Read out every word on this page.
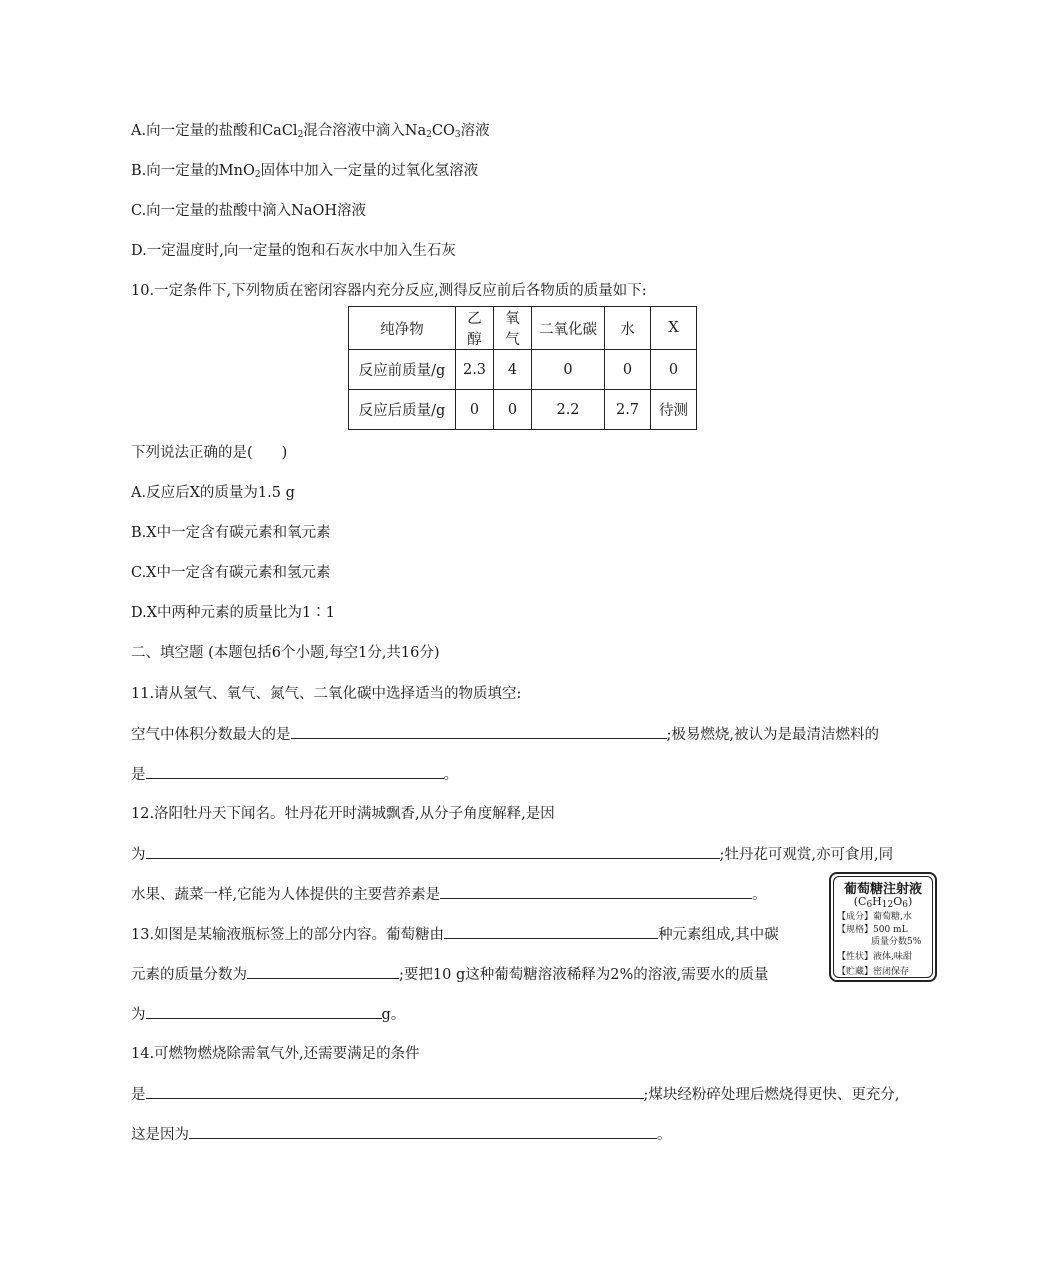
A.向一定量的盐酸和CaCl$_2$混合溶液中滴入$Na_2CO_3$溶液
B.向一定量的MnO$_2$固体中加入一定量的过氧化氢溶液
C.向一定量的盐酸中滴入NaOH溶液
D.一定温度时,向一定量的饱和石灰水中加入生石灰
10.一定条件下,下列物质在密闭容器内充分反应,测得反应前后各物质的质量如下:
纯净物	乙醇	氧气	二氧化碳	水	X
反应前质量/g	2.3	4	0	0	0
反应后质量/g	0	0	2.2	2.7	待测
下列说法正确的是(　　)
A.反应后X的质量为1.5 g
B.X中一定含有碳元素和氧元素
C.X中一定含有碳元素和氢元素
D.X中两种元素的质量比为1∶1
二、填空题 (本题包括6个小题,每空1分,共16分)
11.请从氢气、氧气、氮气、二氧化碳中选择适当的物质填空:
空气中体积分数最大的是	;极易燃烧,被认为是最清洁燃料的
是	。
12.洛阳牡丹天下闻名。牡丹花开时满城飘香,从分子角度解释,是因
为	;牡丹花可观赏,亦可食用,同
水果、蔬菜一样,它能为人体提供的主要营养素是	。
13.如图是某输液瓶标签上的部分内容。葡萄糖由	种元素组成,其中碳
元素的质量分数为	;要把10 g这种葡萄糖溶液稀释为2%的溶液,需要水的质量
为	g。
葡萄糖注射液
$(C_6H_{12}O_6)$
【成分】葡萄糖,水
【规格】500 mL
质量分数5%
【性状】液体,味甜
【贮藏】密闭保存
14.可燃物燃烧除需氧气外,还需要满足的条件
是	;煤块经粉碎处理后燃烧得更快、更充分,
这是因为	。
